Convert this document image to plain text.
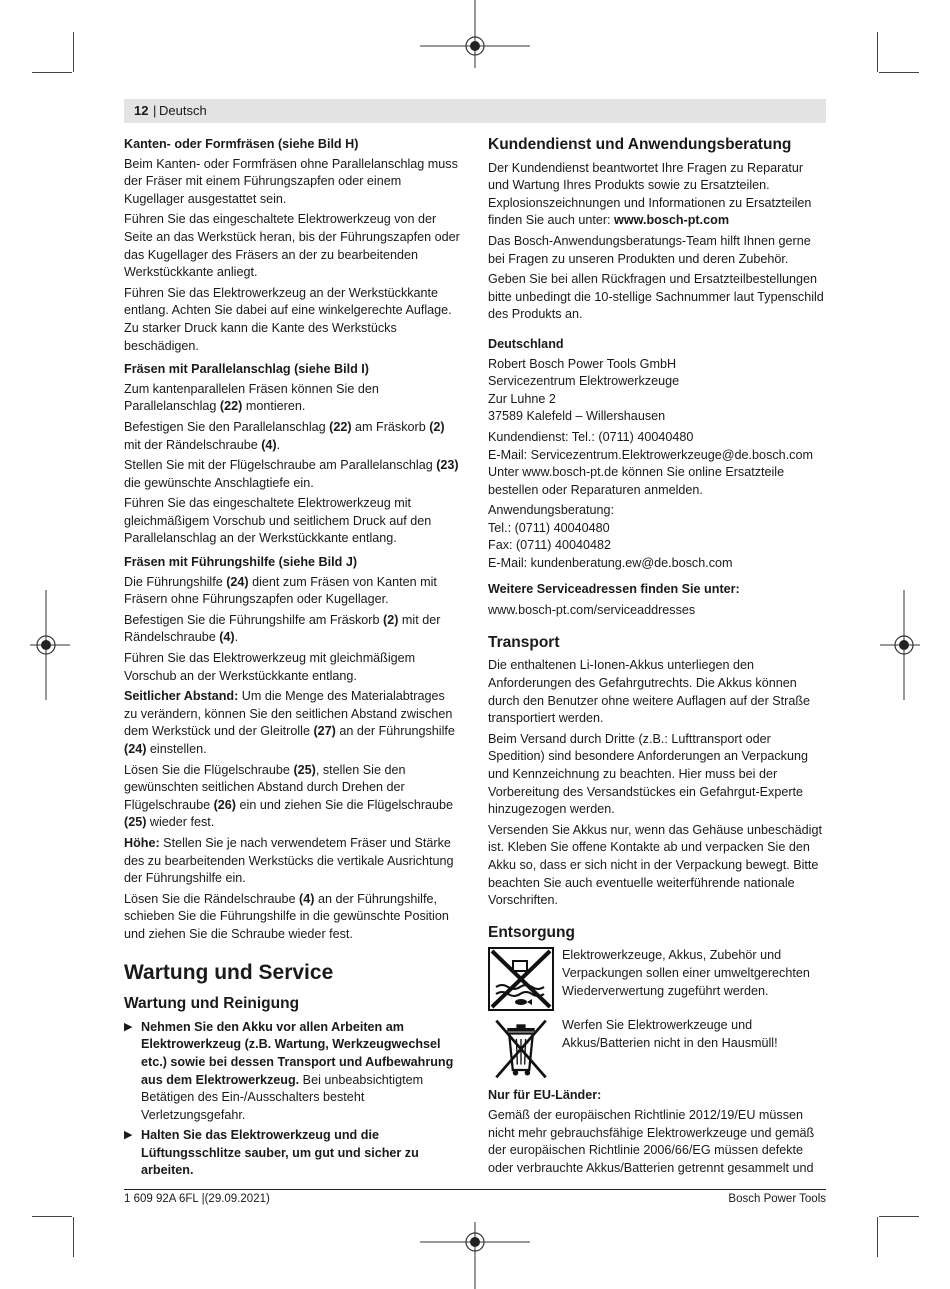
12 | Deutsch
Kanten- oder Formfräsen (siehe Bild H)

Beim Kanten- oder Formfräsen ohne Parallelanschlag muss der Fräser mit einem Führungszapfen oder einem Kugellager ausgestattet sein.

Führen Sie das eingeschaltete Elektrowerkzeug von der Seite an das Werkstück heran, bis der Führungszapfen oder das Kugellager des Fräsers an der zu bearbeitenden Werkstückkante anliegt.

Führen Sie das Elektrowerkzeug an der Werkstückkante entlang. Achten Sie dabei auf eine winkelgerechte Auflage. Zu starker Druck kann die Kante des Werkstücks beschädigen.

Fräsen mit Parallelanschlag (siehe Bild I)

Zum kantenparallelen Fräsen können Sie den Parallelanschlag (22) montieren.

Befestigen Sie den Parallelanschlag (22) am Fräskorb (2) mit der Rändelschraube (4).

Stellen Sie mit der Flügelschraube am Parallelanschlag (23) die gewünschte Anschlagtiefe ein.

Führen Sie das eingeschaltete Elektrowerkzeug mit gleichmäßigem Vorschub und seitlichem Druck auf den Parallelanschlag an der Werkstückkante entlang.

Fräsen mit Führungshilfe (siehe Bild J)

Die Führungshilfe (24) dient zum Fräsen von Kanten mit Fräsern ohne Führungszapfen oder Kugellager.

Befestigen Sie die Führungshilfe am Fräskorb (2) mit der Rändelschraube (4).

Führen Sie das Elektrowerkzeug mit gleichmäßigem Vorschub an der Werkstückkante entlang.

Seitlicher Abstand: Um die Menge des Materialabtrages zu verändern, können Sie den seitlichen Abstand zwischen dem Werkstück und der Gleitrolle (27) an der Führungshilfe (24) einstellen.

Lösen Sie die Flügelschraube (25), stellen Sie den gewünschten seitlichen Abstand durch Drehen der Flügelschraube (26) ein und ziehen Sie die Flügelschraube (25) wieder fest.

Höhe: Stellen Sie je nach verwendetem Fräser und Stärke des zu bearbeitenden Werkstücks die vertikale Ausrichtung der Führungshilfe ein.

Lösen Sie die Rändelschraube (4) an der Führungshilfe, schieben Sie die Führungshilfe in die gewünschte Position und ziehen Sie die Schraube wieder fest.

Wartung und Service
Wartung und Reinigung
▶ Nehmen Sie den Akku vor allen Arbeiten am Elektrowerkzeug (z.B. Wartung, Werkzeugwechsel etc.) sowie bei dessen Transport und Aufbewahrung aus dem Elektrowerkzeug. Bei unbeabsichtigtem Betätigen des Ein-/Ausschalters besteht Verletzungsgefahr.
▶ Halten Sie das Elektrowerkzeug und die Lüftungsschlitze sauber, um gut und sicher zu arbeiten.
Kundendienst und Anwendungsberatung

Der Kundendienst beantwortet Ihre Fragen zu Reparatur und Wartung Ihres Produkts sowie zu Ersatzteilen. Explosionszeichnungen und Informationen zu Ersatzteilen finden Sie auch unter: www.bosch-pt.com

Das Bosch-Anwendungsberatungs-Team hilft Ihnen gerne bei Fragen zu unseren Produkten und deren Zubehör.

Geben Sie bei allen Rückfragen und Ersatzteilbestellungen bitte unbedingt die 10-stellige Sachnummer laut Typenschild des Produkts an.

Deutschland
Robert Bosch Power Tools GmbH
Servicezentrum Elektrowerkzeuge
Zur Luhne 2
37589 Kalefeld – Willershausen
Kundendienst: Tel.: (0711) 40040480
E-Mail: Servicezentrum.Elektrowerkzeuge@de.bosch.com
Unter www.bosch-pt.de können Sie online Ersatzteile bestellen oder Reparaturen anmelden.
Anwendungsberatung:
Tel.: (0711) 40040480
Fax: (0711) 40040482
E-Mail: kundenberatung.ew@de.bosch.com
Weitere Serviceadressen finden Sie unter:

www.bosch-pt.com/serviceaddresses

Transport

Die enthaltenen Li-Ionen-Akkus unterliegen den Anforderungen des Gefahrgutrechts. Die Akkus können durch den Benutzer ohne weitere Auflagen auf der Straße transportiert werden.

Beim Versand durch Dritte (z.B.: Lufttransport oder Spedition) sind besondere Anforderungen an Verpackung und Kennzeichnung zu beachten. Hier muss bei der Vorbereitung des Versandstückes ein Gefahrgut-Experte hinzugezogen werden.

Versenden Sie Akkus nur, wenn das Gehäuse unbeschädigt ist. Kleben Sie offene Kontakte ab und verpacken Sie den Akku so, dass er sich nicht in der Verpackung bewegt. Bitte beachten Sie auch eventuelle weiterführende nationale Vorschriften.

Entsorgung
Elektrowerkzeuge, Akkus, Zubehör und Verpackungen sollen einer umweltgerechten Wiederverwertung zugeführt werden.
Werfen Sie Elektrowerkzeuge und Akkus/Batterien nicht in den Hausmüll!
Nur für EU-Länder:

Gemäß der europäischen Richtlinie 2012/19/EU müssen nicht mehr gebrauchsfähige Elektrowerkzeuge und gemäß der europäischen Richtlinie 2006/66/EG müssen defekte oder verbrauchte Akkus/Batterien getrennt gesammelt und

1 609 92A 6FL |(29.09.2021)	Bosch Power Tools
